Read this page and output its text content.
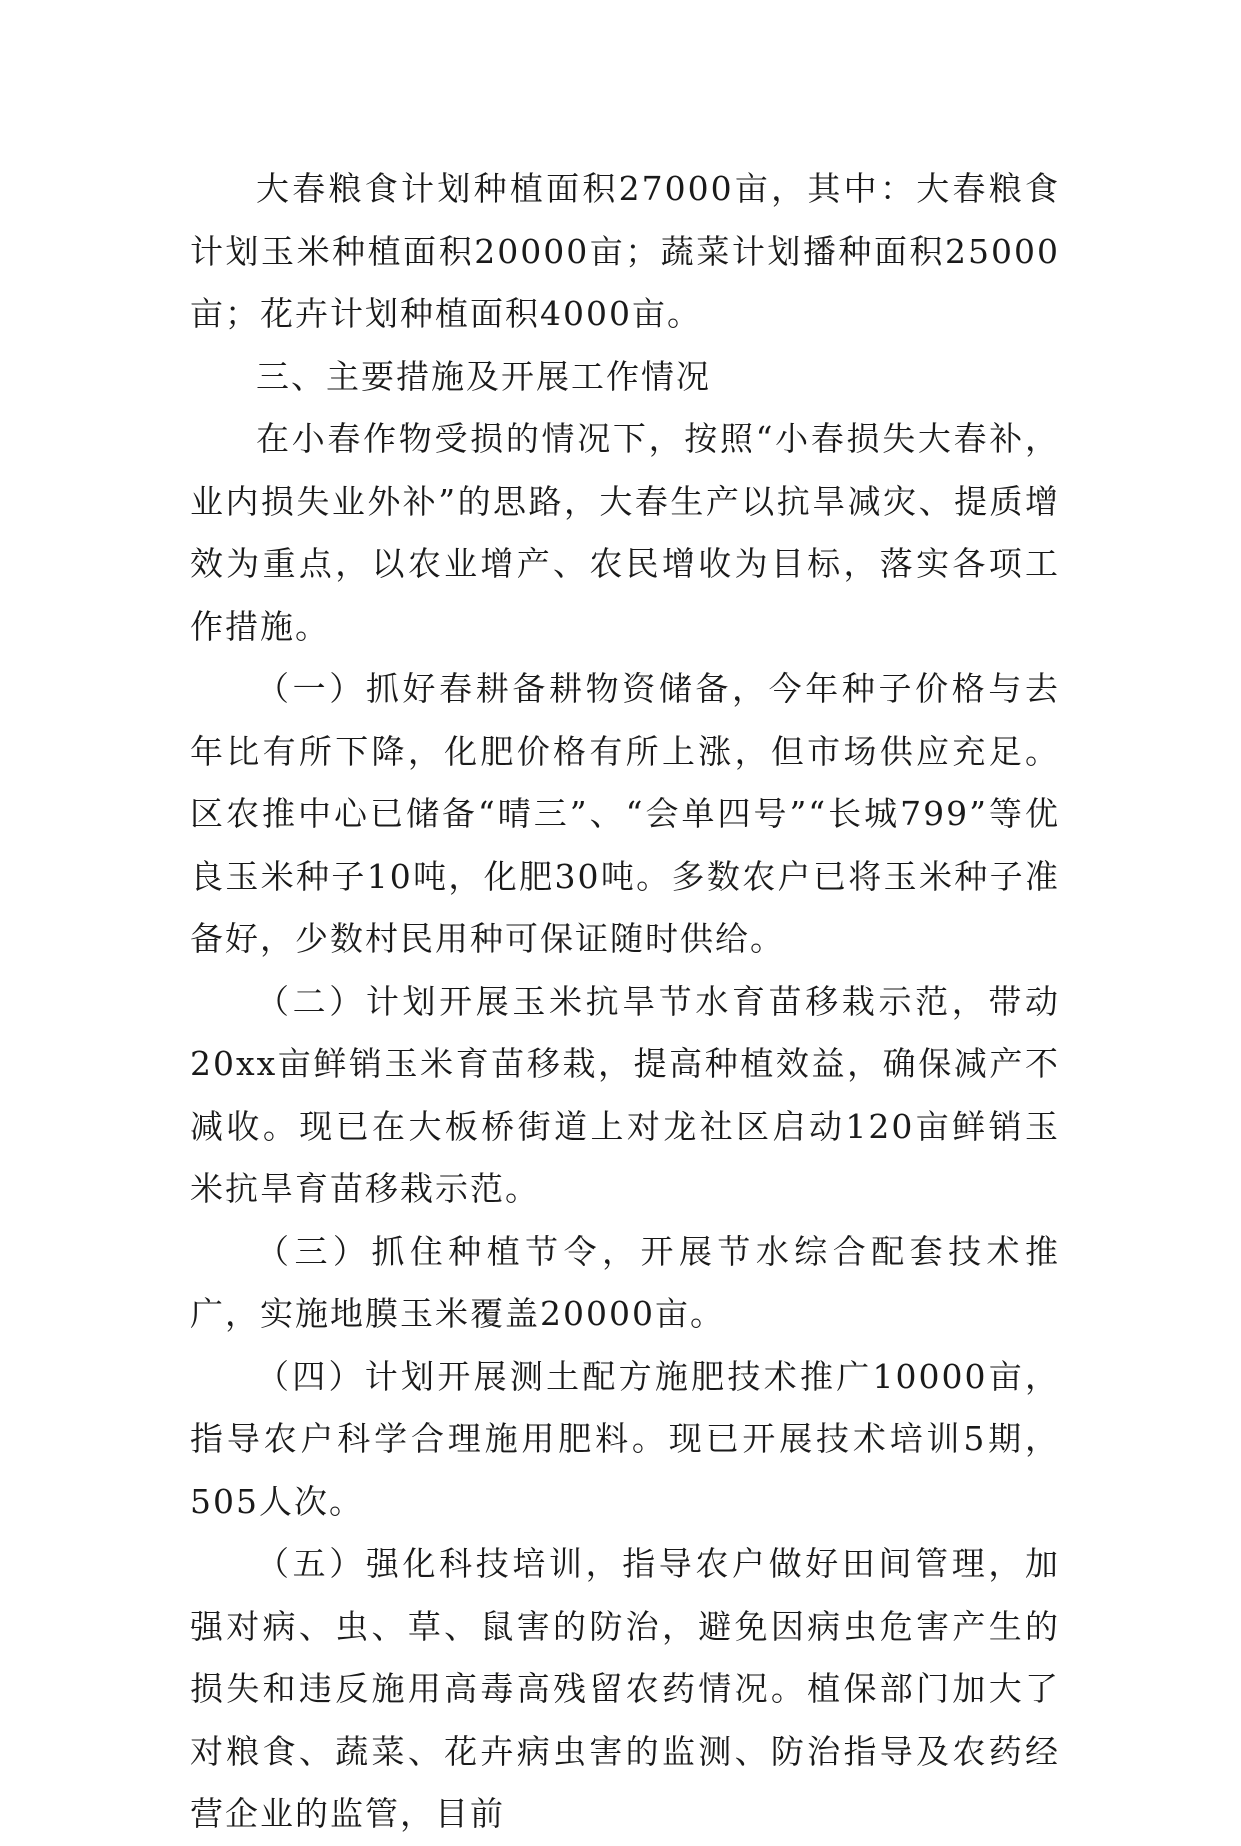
大春粮食计划种植面积27000亩，其中：大春粮食计划玉米种植面积20000亩；蔬菜计划播种面积25000亩；花卉计划种植面积4000亩。

三、主要措施及开展工作情况

在小春作物受损的情况下，按照“小春损失大春补，业内损失业外补”的思路，大春生产以抗旱减灾、提质增效为重点，以农业增产、农民增收为目标，落实各项工作措施。

（一）抓好春耕备耕物资储备，今年种子价格与去年比有所下降，化肥价格有所上涨，但市场供应充足。区农推中心已储备“晴三”、“会单四号”“长城799”等优良玉米种子10吨，化肥30吨。多数农户已将玉米种子准备好，少数村民用种可保证随时供给。

（二）计划开展玉米抗旱节水育苗移栽示范，带动20xx亩鲜销玉米育苗移栽，提高种植效益，确保减产不减收。现已在大板桥街道上对龙社区启动120亩鲜销玉米抗旱育苗移栽示范。

（三）抓住种植节令，开展节水综合配套技术推广，实施地膜玉米覆盖20000亩。

（四）计划开展测土配方施肥技术推广10000亩，指导农户科学合理施用肥料。现已开展技术培训5期，505人次。

（五）强化科技培训，指导农户做好田间管理，加强对病、虫、草、鼠害的防治，避免因病虫危害产生的损失和违反施用高毒高残留农药情况。植保部门加大了对粮食、蔬菜、花卉病虫害的监测、防治指导及农药经营企业的监管，目前
